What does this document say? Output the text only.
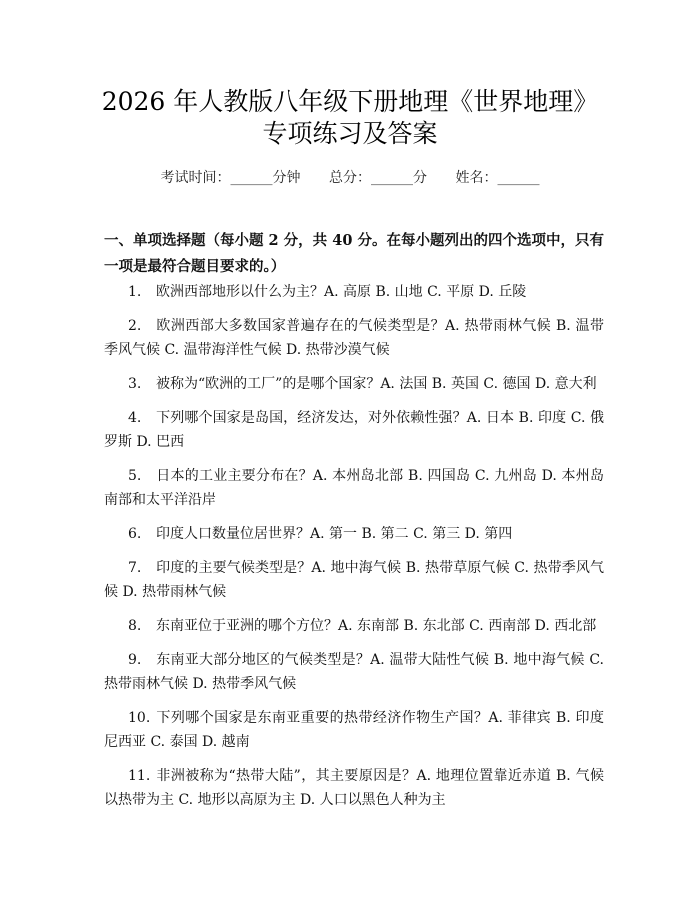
2026 年人教版八年级下册地理《世界地理》
专项练习及答案
考试时间：______分钟 总分：______分 姓名：______
一、单项选择题（每小题 2 分，共 40 分。在每小题列出的四个选项中，只有一项是最符合题目要求的。）
1. 欧洲西部地形以什么为主？A. 高原 B. 山地 C. 平原 D. 丘陵
2. 欧洲西部大多数国家普遍存在的气候类型是？A. 热带雨林气候 B. 温带季风气候 C. 温带海洋性气候 D. 热带沙漠气候
3. 被称为“欧洲的工厂”的是哪个国家？A. 法国 B. 英国 C. 德国 D. 意大利
4. 下列哪个国家是岛国，经济发达，对外依赖性强？A. 日本 B. 印度 C. 俄罗斯 D. 巴西
5. 日本的工业主要分布在？A. 本州岛北部 B. 四国岛 C. 九州岛 D. 本州岛南部和太平洋沿岸
6. 印度人口数量位居世界？A. 第一 B. 第二 C. 第三 D. 第四
7. 印度的主要气候类型是？A. 地中海气候 B. 热带草原气候 C. 热带季风气候 D. 热带雨林气候
8. 东南亚位于亚洲的哪个方位？A. 东南部 B. 东北部 C. 西南部 D. 西北部
9. 东南亚大部分地区的气候类型是？A. 温带大陆性气候 B. 地中海气候 C. 热带雨林气候 D. 热带季风气候
10. 下列哪个国家是东南亚重要的热带经济作物生产国？A. 菲律宾 B. 印度尼西亚 C. 泰国 D. 越南
11. 非洲被称为“热带大陆”，其主要原因是？A. 地理位置靠近赤道 B. 气候以热带为主 C. 地形以高原为主 D. 人口以黑色人种为主
